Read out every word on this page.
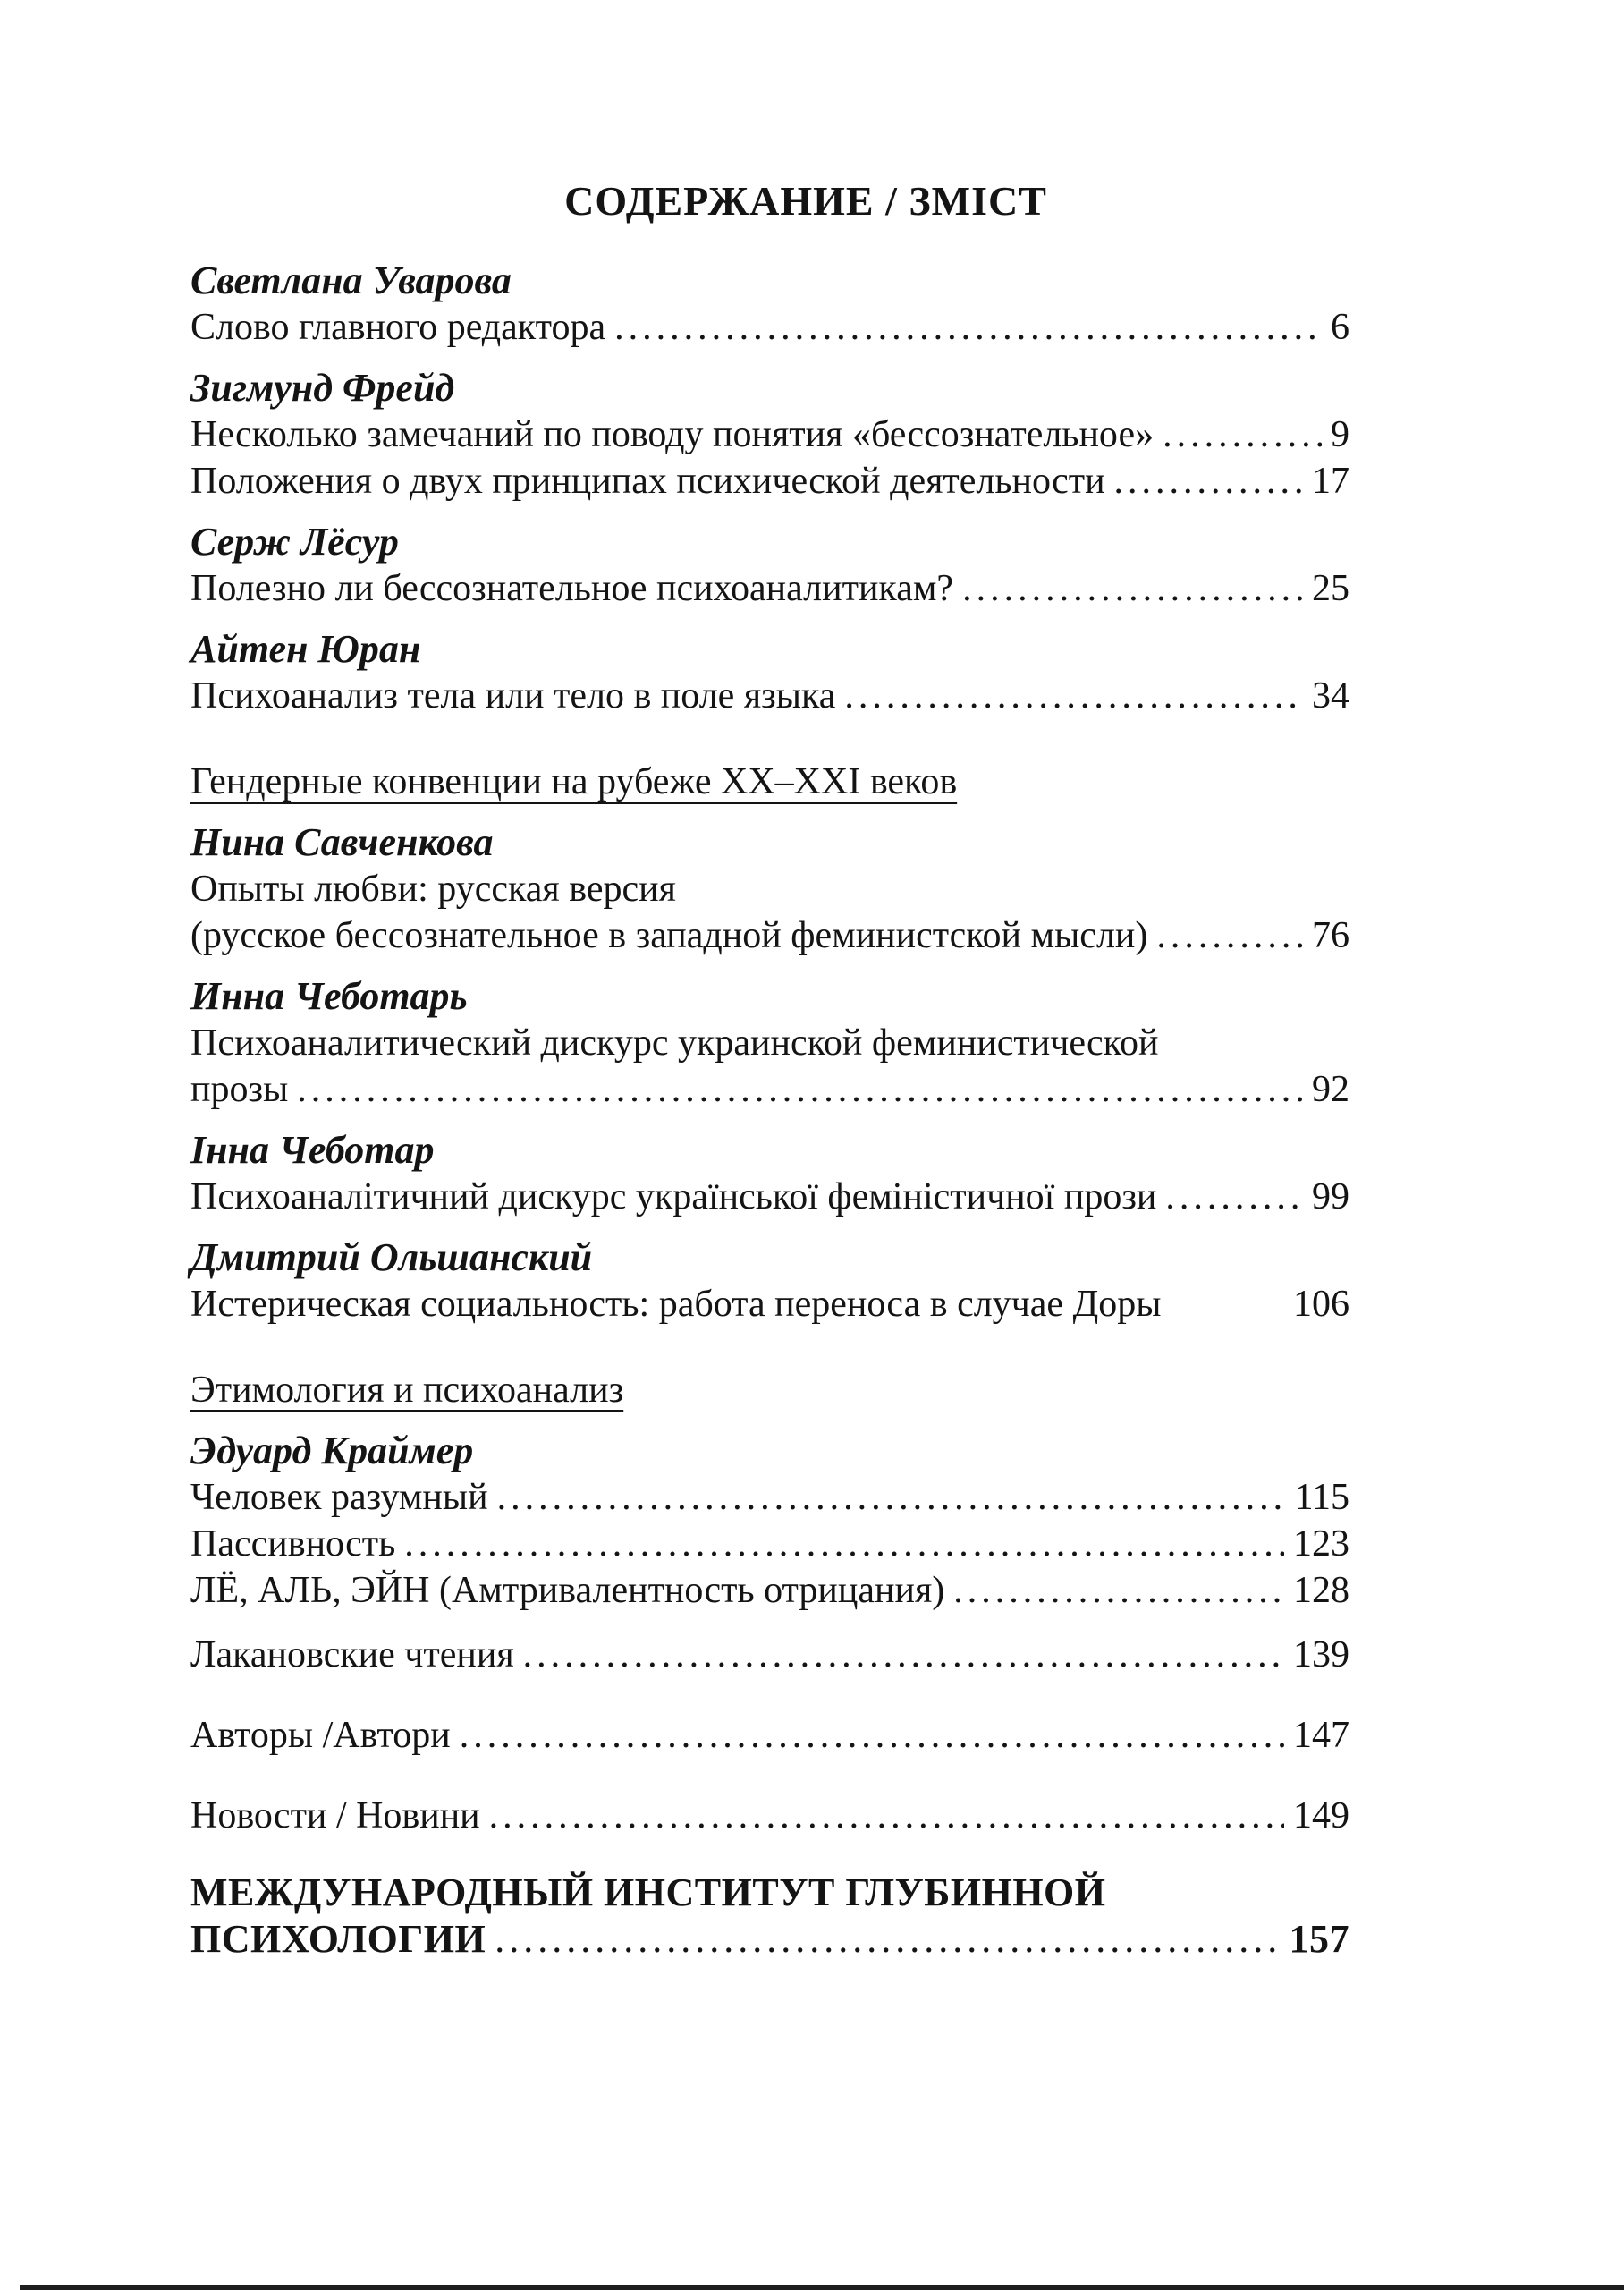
СОДЕРЖАНИЕ / ЗМІСТ
Светлана Уварова
Слово главного редактора .....	6
Зигмунд Фрейд
Несколько замечаний по поводу понятия «бессознательное» .....	9
Положения о двух принципах психической деятельности .....	17
Серж Лёсур
Полезно ли бессознательное психоаналитикам? .....	25
Айтен Юран
Психоанализ тела или тело в поле языка .....	34
Гендерные конвенции на рубеже XX–XXI веков
Нина Савченкова
Опыты любви: русская версия
(русское бессознательное в западной феминистской мысли) .....	76
Инна Чеботарь
Психоаналитический дискурс украинской феминистической
прозы .....	92
Інна Чеботар
Психоаналітичний дискурс української феміністичної прози .....	99
Дмитрий Ольшанский
Истерическая социальность: работа переноса в случае Доры	106
Этимология и психоанализ
Эдуард Краймер
Человек разумный .....	115
Пассивность .....	123
ЛЁ, АЛЬ, ЭЙН (Амтривалентность отрицания) .....	128
Лакановские чтения .....	139
Авторы /Автори .....	147
Новости / Новини .....	149
МЕЖДУНАРОДНЫЙ ИНСТИТУТ ГЛУБИННОЙ
ПСИХОЛОГИИ .....	157
